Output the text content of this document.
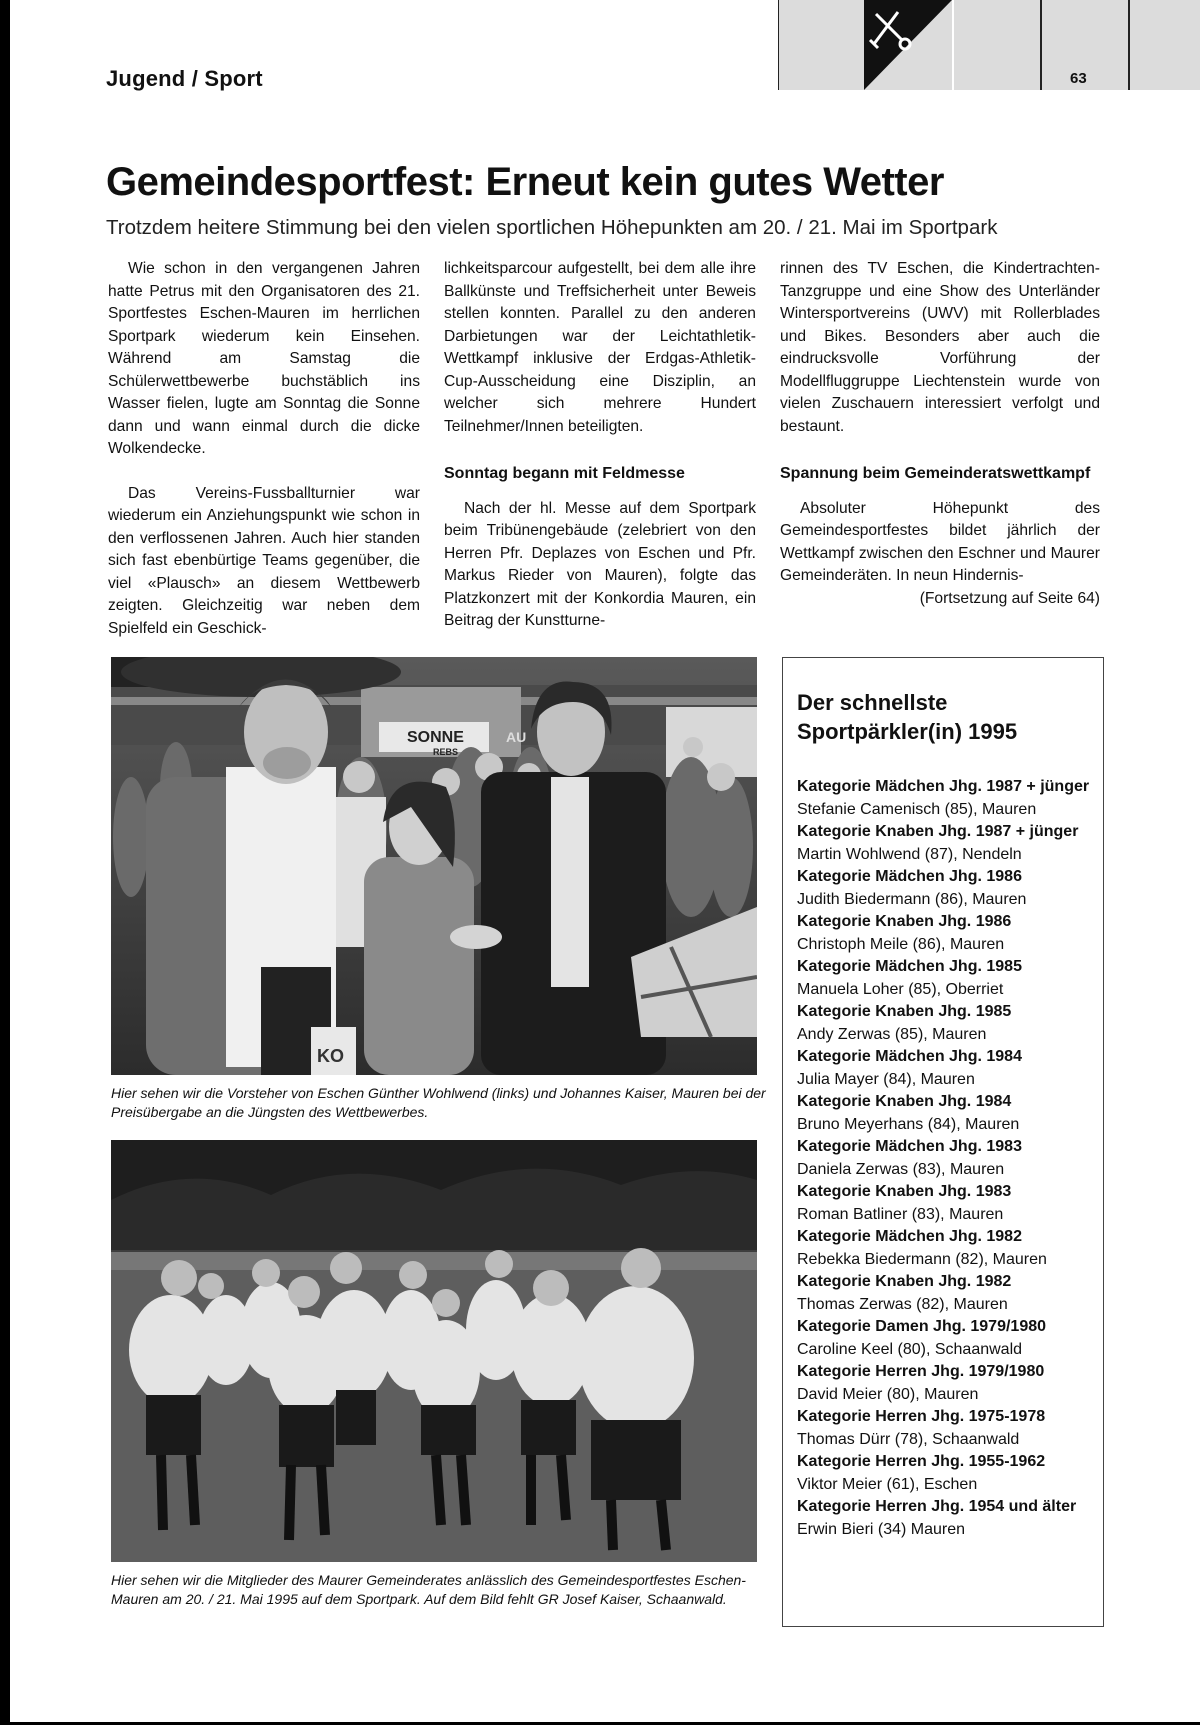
Jugend / Sport	63
Gemeindesportfest: Erneut kein gutes Wetter
Trotzdem heitere Stimmung bei den vielen sportlichen Höhepunkten am 20. / 21. Mai im Sportpark

Wie schon in den vergangenen Jahren hatte Petrus mit den Organisatoren des 21. Sportfestes Eschen-Mauren im herrlichen Sportpark wiederum kein Einsehen. Während am Samstag die Schülerwettbewerbe buchstäblich ins Wasser fielen, lugte am Sonntag die Sonne dann und wann einmal durch die dicke Wolkendecke.

Das Vereins-Fussballturnier war wiederum ein Anziehungspunkt wie schon in den verflossenen Jahren. Auch hier standen sich fast ebenbürtige Teams gegenüber, die viel «Plausch» an diesem Wettbewerb zeigten. Gleichzeitig war neben dem Spielfeld ein Geschick-

lichkeitsparcour aufgestellt, bei dem alle ihre Ballkünste und Treffsicherheit unter Beweis stellen konnten. Parallel zu den anderen Darbietungen war der Leichtathletik-Wettkampf inklusive der Erdgas-Athletik-Cup-Ausscheidung eine Disziplin, an welcher sich mehrere Hundert Teilnehmer/Innen beteiligten.

Sonntag begann mit Feldmesse

Nach der hl. Messe auf dem Sportpark beim Tribünengebäude (zelebriert von den Herren Pfr. Deplazes von Eschen und Pfr. Markus Rieder von Mauren), folgte das Platzkonzert mit der Konkordia Mauren, ein Beitrag der Kunstturne-

rinnen des TV Eschen, die Kindertrachten-Tanzgruppe und eine Show des Unterländer Wintersportvereins (UWV) mit Rollerblades und Bikes. Besonders aber auch die eindrucksvolle Vorführung der Modellfluggruppe Liechtenstein wurde von vielen Zuschauern interessiert verfolgt und bestaunt.

Spannung beim Gemeinderatswettkampf

Absoluter Höhepunkt des Gemeindesportfestes bildet jährlich der Wettkampf zwischen den Eschner und Maurer Gemeinderäten. In neun Hindernis-

(Fortsetzung auf Seite 64)
SONNE
REBS
AU
KO
Hier sehen wir die Vorsteher von Eschen Günther Wohlwend (links) und Johannes Kaiser, Mauren bei der Preisübergabe an die Jüngsten des Wettbewerbes.
Hier sehen wir die Mitglieder des Maurer Gemeinderates anlässlich des Gemeindesportfestes Eschen-Mauren am 20. / 21. Mai 1995 auf dem Sportpark. Auf dem Bild fehlt GR Josef Kaiser, Schaanwald.
Der schnellste Sportpärkler(in) 1995
Kategorie Mädchen Jhg. 1987 + jünger
Stefanie Camenisch (85), Mauren
Kategorie Knaben Jhg. 1987 + jünger
Martin Wohlwend (87), Nendeln
Kategorie Mädchen Jhg. 1986
Judith Biedermann (86), Mauren
Kategorie Knaben Jhg. 1986
Christoph Meile (86), Mauren
Kategorie Mädchen Jhg. 1985
Manuela Loher (85), Oberriet
Kategorie Knaben Jhg. 1985
Andy Zerwas (85), Mauren
Kategorie Mädchen Jhg. 1984
Julia Mayer (84), Mauren
Kategorie Knaben Jhg. 1984
Bruno Meyerhans (84), Mauren
Kategorie Mädchen Jhg. 1983
Daniela Zerwas (83), Mauren
Kategorie Knaben Jhg. 1983
Roman Batliner (83), Mauren
Kategorie Mädchen Jhg. 1982
Rebekka Biedermann (82), Mauren
Kategorie Knaben Jhg. 1982
Thomas Zerwas (82), Mauren
Kategorie Damen Jhg. 1979/1980
Caroline Keel (80), Schaanwald
Kategorie Herren Jhg. 1979/1980
David Meier (80), Mauren
Kategorie Herren Jhg. 1975-1978
Thomas Dürr (78), Schaanwald
Kategorie Herren Jhg. 1955-1962
Viktor Meier (61), Eschen
Kategorie Herren Jhg. 1954 und älter
Erwin Bieri (34) Mauren
